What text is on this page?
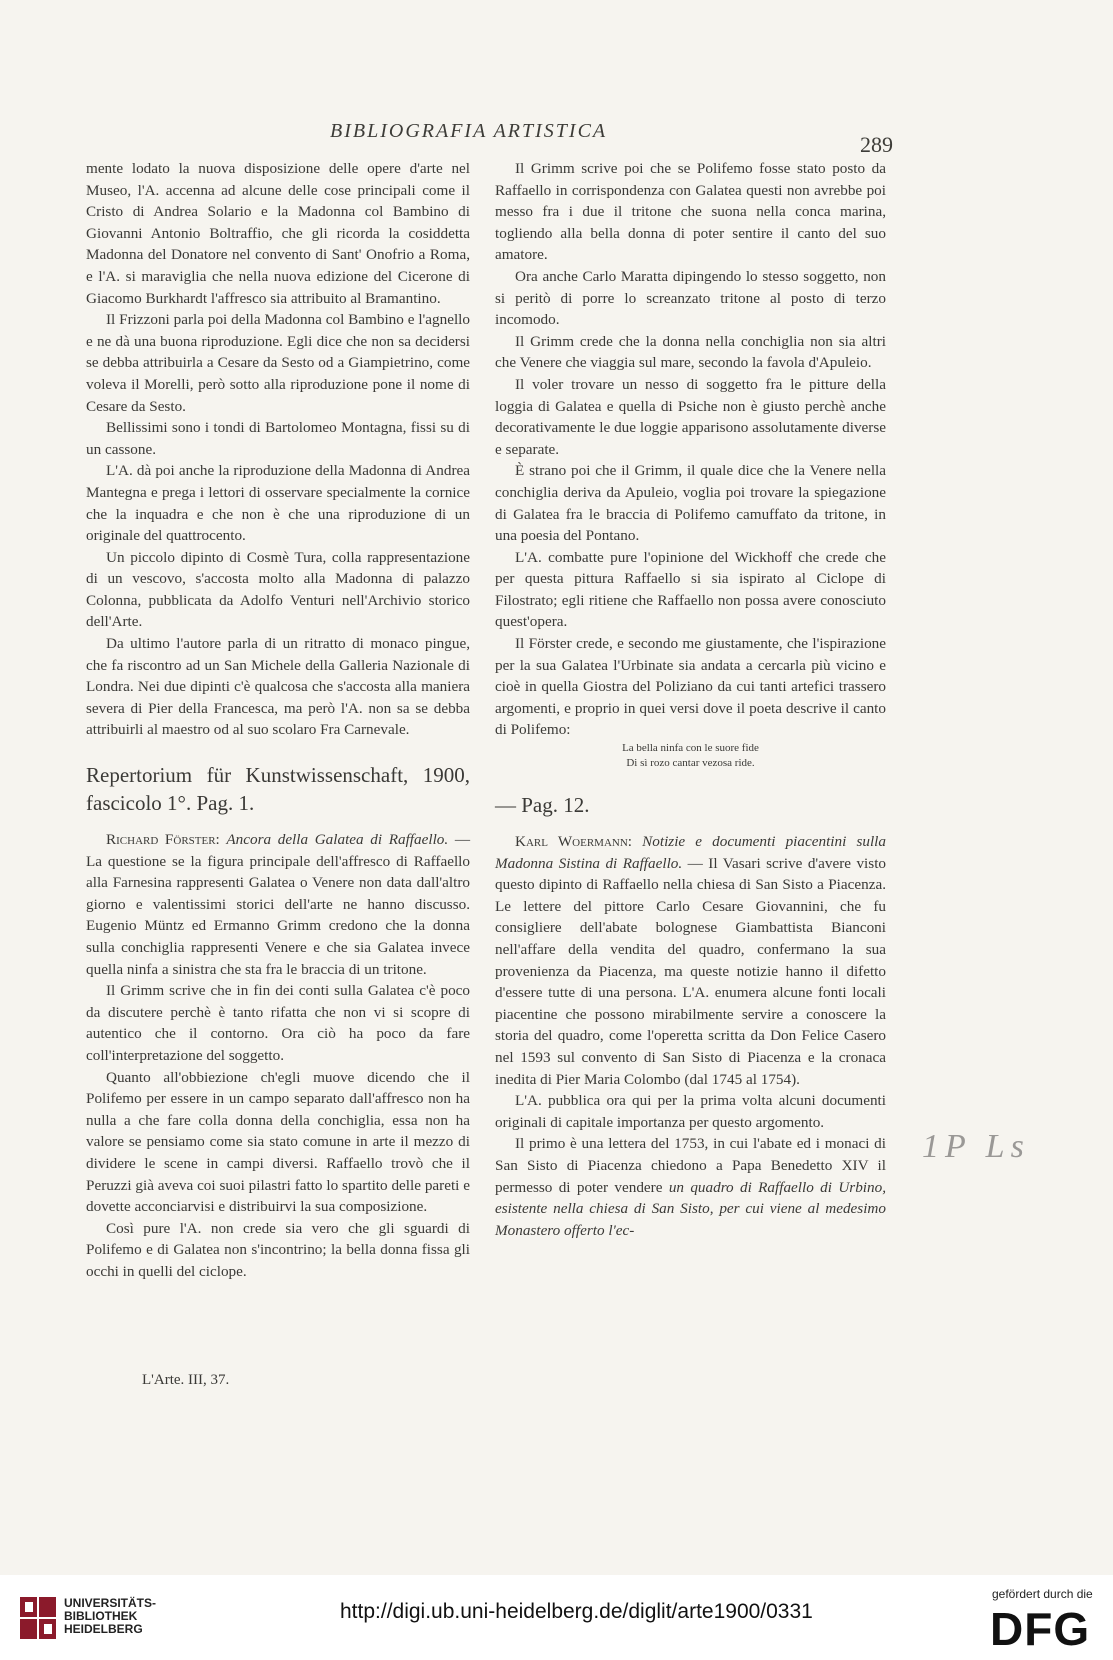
BIBLIOGRAFIA ARTISTICA
289

mente lodato la nuova disposizione delle opere d'arte nel Museo, l'A. accenna ad alcune delle cose principali come il Cristo di Andrea Solario e la Madonna col Bambino di Giovanni Antonio Boltraffio, che gli ricorda la cosiddetta Madonna del Donatore nel convento di Sant' Onofrio a Roma, e l'A. si maraviglia che nella nuova edizione del Cicerone di Giacomo Burkhardt l'affresco sia attribuito al Bramantino.

Il Frizzoni parla poi della Madonna col Bambino e l'agnello e ne dà una buona riproduzione. Egli dice che non sa decidersi se debba attribuirla a Cesare da Sesto od a Giampietrino, come voleva il Morelli, però sotto alla riproduzione pone il nome di Cesare da Sesto.

Bellissimi sono i tondi di Bartolomeo Montagna, fissi su di un cassone.

L'A. dà poi anche la riproduzione della Madonna di Andrea Mantegna e prega i lettori di osservare specialmente la cornice che la inquadra e che non è che una riproduzione di un originale del quattrocento.

Un piccolo dipinto di Cosmè Tura, colla rappresentazione di un vescovo, s'accosta molto alla Madonna di palazzo Colonna, pubblicata da Adolfo Venturi nell'Archivio storico dell'Arte.

Da ultimo l'autore parla di un ritratto di monaco pingue, che fa riscontro ad un San Michele della Galleria Nazionale di Londra. Nei due dipinti c'è qualcosa che s'accosta alla maniera severa di Pier della Francesca, ma però l'A. non sa se debba attribuirli al maestro od al suo scolaro Fra Carnevale.

Repertorium für Kunstwissenschaft, 1900, fascicolo 1°. Pag. 1.

Richard Förster: Ancora della Galatea di Raffaello. — La questione se la figura principale dell'affresco di Raffaello alla Farnesina rappresenti Galatea o Venere non data dall'altro giorno e valentissimi storici dell'arte ne hanno discusso. Eugenio Müntz ed Ermanno Grimm credono che la donna sulla conchiglia rappresenti Venere e che sia Galatea invece quella ninfa a sinistra che sta fra le braccia di un tritone.

Il Grimm scrive che in fin dei conti sulla Galatea c'è poco da discutere perchè è tanto rifatta che non vi si scopre di autentico che il contorno. Ora ciò ha poco da fare coll'interpretazione del soggetto.

Quanto all'obbiezione ch'egli muove dicendo che il Polifemo per essere in un campo separato dall'affresco non ha nulla a che fare colla donna della conchiglia, essa non ha valore se pensiamo come sia stato comune in arte il mezzo di dividere le scene in campi diversi. Raffaello trovò che il Peruzzi già aveva coi suoi pilastri fatto lo spartito delle pareti e dovette acconciarvisi e distribuirvi la sua composizione.

Così pure l'A. non crede sia vero che gli sguardi di Polifemo e di Galatea non s'incontrino; la bella donna fissa gli occhi in quelli del ciclope.

Il Grimm scrive poi che se Polifemo fosse stato posto da Raffaello in corrispondenza con Galatea questi non avrebbe poi messo fra i due il tritone che suona nella conca marina, togliendo alla bella donna di poter sentire il canto del suo amatore.

Ora anche Carlo Maratta dipingendo lo stesso soggetto, non si peritò di porre lo screanzato tritone al posto di terzo incomodo.

Il Grimm crede che la donna nella conchiglia non sia altri che Venere che viaggia sul mare, secondo la favola d'Apuleio.

Il voler trovare un nesso di soggetto fra le pitture della loggia di Galatea e quella di Psiche non è giusto perchè anche decorativamente le due loggie apparisono assolutamente diverse e separate.

È strano poi che il Grimm, il quale dice che la Venere nella conchiglia deriva da Apuleio, voglia poi trovare la spiegazione di Galatea fra le braccia di Polifemo camuffato da tritone, in una poesia del Pontano.

L'A. combatte pure l'opinione del Wickhoff che crede che per questa pittura Raffaello si sia ispirato al Ciclope di Filostrato; egli ritiene che Raffaello non possa avere conosciuto quest'opera.

Il Förster crede, e secondo me giustamente, che l'ispirazione per la sua Galatea l'Urbinate sia andata a cercarla più vicino e cioè in quella Giostra del Poliziano da cui tanti artefici trassero argomenti, e proprio in quei versi dove il poeta descrive il canto di Polifemo:

La bella ninfa con le suore fide

Di sì rozo cantar vezosa ride.

— Pag. 12.

Karl Woermann: Notizie e documenti piacentini sulla Madonna Sistina di Raffaello. — Il Vasari scrive d'avere visto questo dipinto di Raffaello nella chiesa di San Sisto a Piacenza. Le lettere del pittore Carlo Cesare Giovannini, che fu consigliere dell'abate bolognese Giambattista Bianconi nell'affare della vendita del quadro, confermano la sua provenienza da Piacenza, ma queste notizie hanno il difetto d'essere tutte di una persona. L'A. enumera alcune fonti locali piacentine che possono mirabilmente servire a conoscere la storia del quadro, come l'operetta scritta da Don Felice Casero nel 1593 sul convento di San Sisto di Piacenza e la cronaca inedita di Pier Maria Colombo (dal 1745 al 1754).

L'A. pubblica ora qui per la prima volta alcuni documenti originali di capitale importanza per questo argomento.

Il primo è una lettera del 1753, in cui l'abate ed i monaci di San Sisto di Piacenza chiedono a Papa Benedetto XIV il permesso di poter vendere un quadro di Raffaello di Urbino, esistente nella chiesa di San Sisto, per cui viene al medesimo Monastero offerto l'ec-

L'Arte. III, 37.
1P Ls
UNIVERSITÄTS-
BIBLIOTHEK
HEIDELBERG
http://digi.ub.uni-heidelberg.de/diglit/arte1900/0331
gefördert durch die
DFG
